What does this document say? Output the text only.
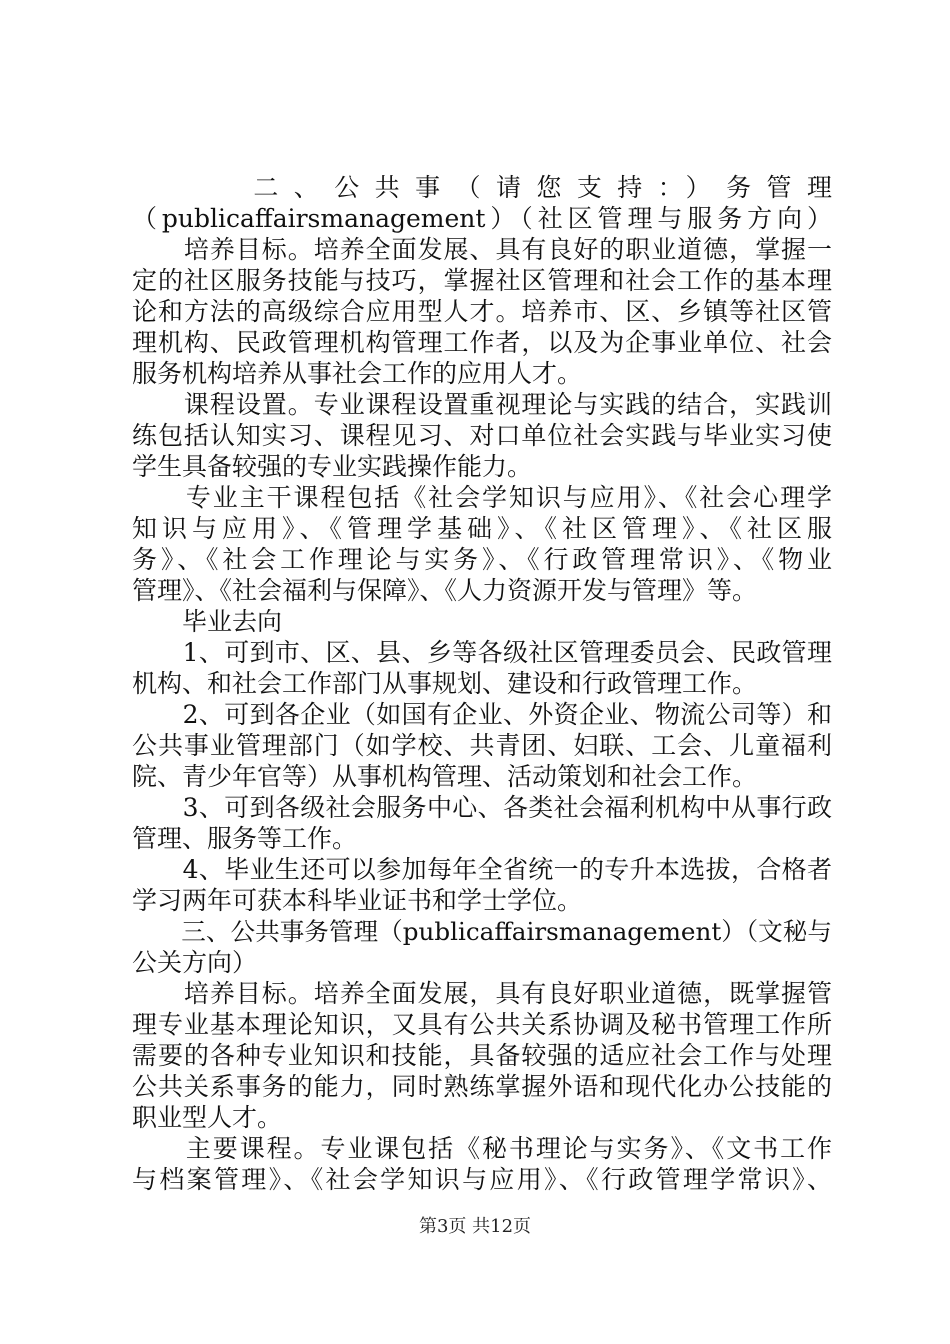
　　　二、公共事（请您支持：）务管理
（publicaffairsmanagement）（社区管理与服务方向）
　　培养目标。培养全面发展、具有良好的职业道德，掌握一
定的社区服务技能与技巧，掌握社区管理和社会工作的基本理
论和方法的高级综合应用型人才。培养市、区、乡镇等社区管
理机构、民政管理机构管理工作者，以及为企事业单位、社会
服务机构培养从事社会工作的应用人才。
　　课程设置。专业课程设置重视理论与实践的结合，实践训
练包括认知实习、课程见习、对口单位社会实践与毕业实习使
学生具备较强的专业实践操作能力。
　　专业主干课程包括《社会学知识与应用》、《社会心理学
知识与应用》、《管理学基础》、《社区管理》、《社区服
务》、《社会工作理论与实务》、《行政管理常识》、《物业
管理》、《社会福利与保障》、《人力资源开发与管理》等。
　　毕业去向
　　1、可到市、区、县、乡等各级社区管理委员会、民政管理
机构、和社会工作部门从事规划、建设和行政管理工作。
　　2、可到各企业（如国有企业、外资企业、物流公司等）和
公共事业管理部门（如学校、共青团、妇联、工会、儿童福利
院、青少年官等）从事机构管理、活动策划和社会工作。
　　3、可到各级社会服务中心、各类社会福利机构中从事行政
管理、服务等工作。
　　4、毕业生还可以参加每年全省统一的专升本选拔，合格者
学习两年可获本科毕业证书和学士学位。
　　三、公共事务管理（publicaffairsmanagement）（文秘与
公关方向）
　　培养目标。培养全面发展，具有良好职业道德，既掌握管
理专业基本理论知识，又具有公共关系协调及秘书管理工作所
需要的各种专业知识和技能，具备较强的适应社会工作与处理
公共关系事务的能力，同时熟练掌握外语和现代化办公技能的
职业型人才。
　　主要课程。专业课包括《秘书理论与实务》、《文书工作
与档案管理》、《社会学知识与应用》、《行政管理学常识》、
第3页 共12页
